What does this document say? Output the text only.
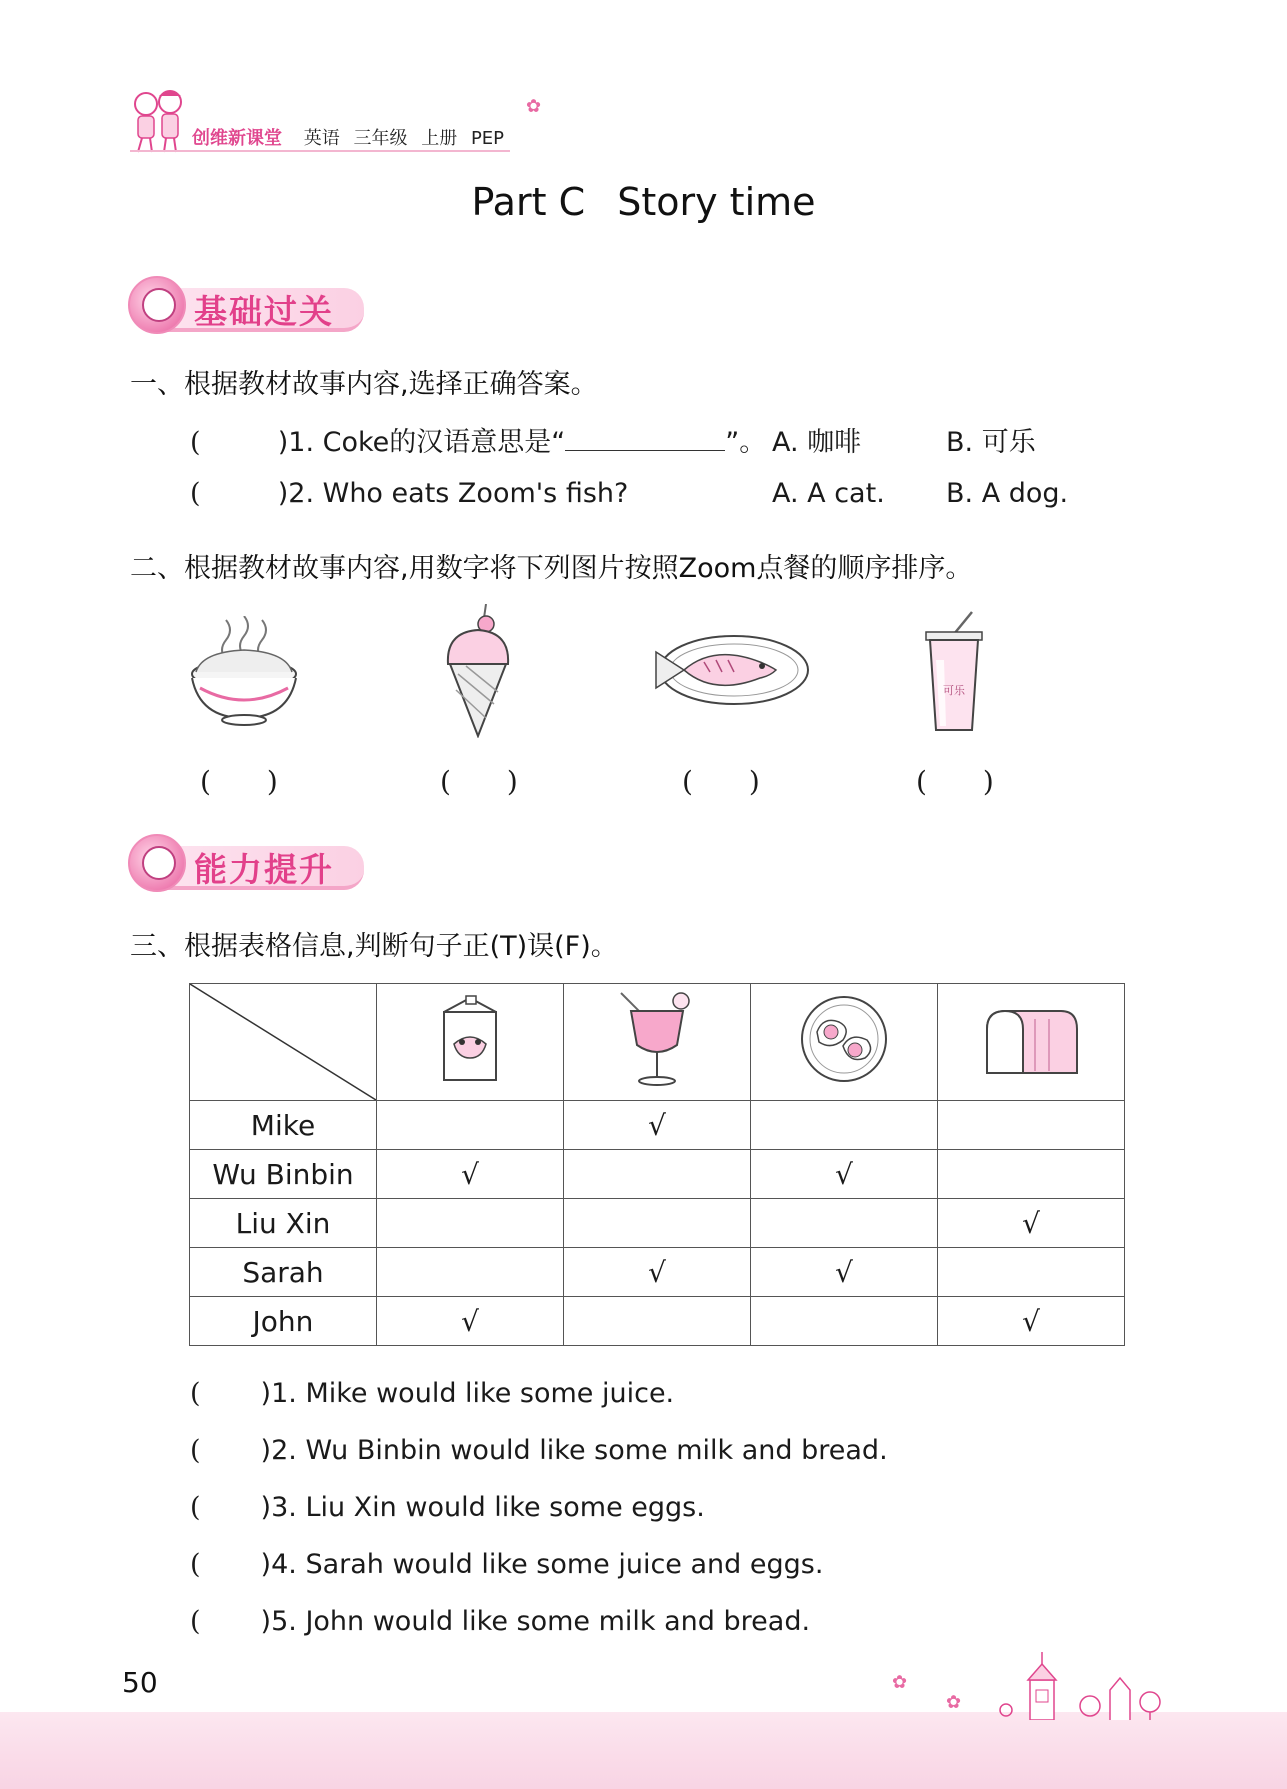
创维新课堂 英语 三年级 上册 PEP
✿
Part C Story time
基础过关
一、根据教材故事内容,选择正确答案。
(	)1. Coke的汉语意思是“	”。 A. 咖啡	B. 可乐
(	)2. Who eats Zoom's fish?	A. A cat. B. A dog.
二、根据教材故事内容,用数字将下列图片按照Zoom点餐的顺序排序。
可乐
(　　)	(　　)	(　　)	(　　)
能力提升
三、根据表格信息,判断句子正(T)误(F)。

Mike		√		
Wu Binbin	√		√	
Liu Xin				√
Sarah		√	√	
John	√			√
( )1. Mike would like some juice.
( )2. Wu Binbin would like some milk and bread.
( )3. Liu Xin would like some eggs.
( )4. Sarah would like some juice and eggs.
( )5. John would like some milk and bread.
50	✿
✿
